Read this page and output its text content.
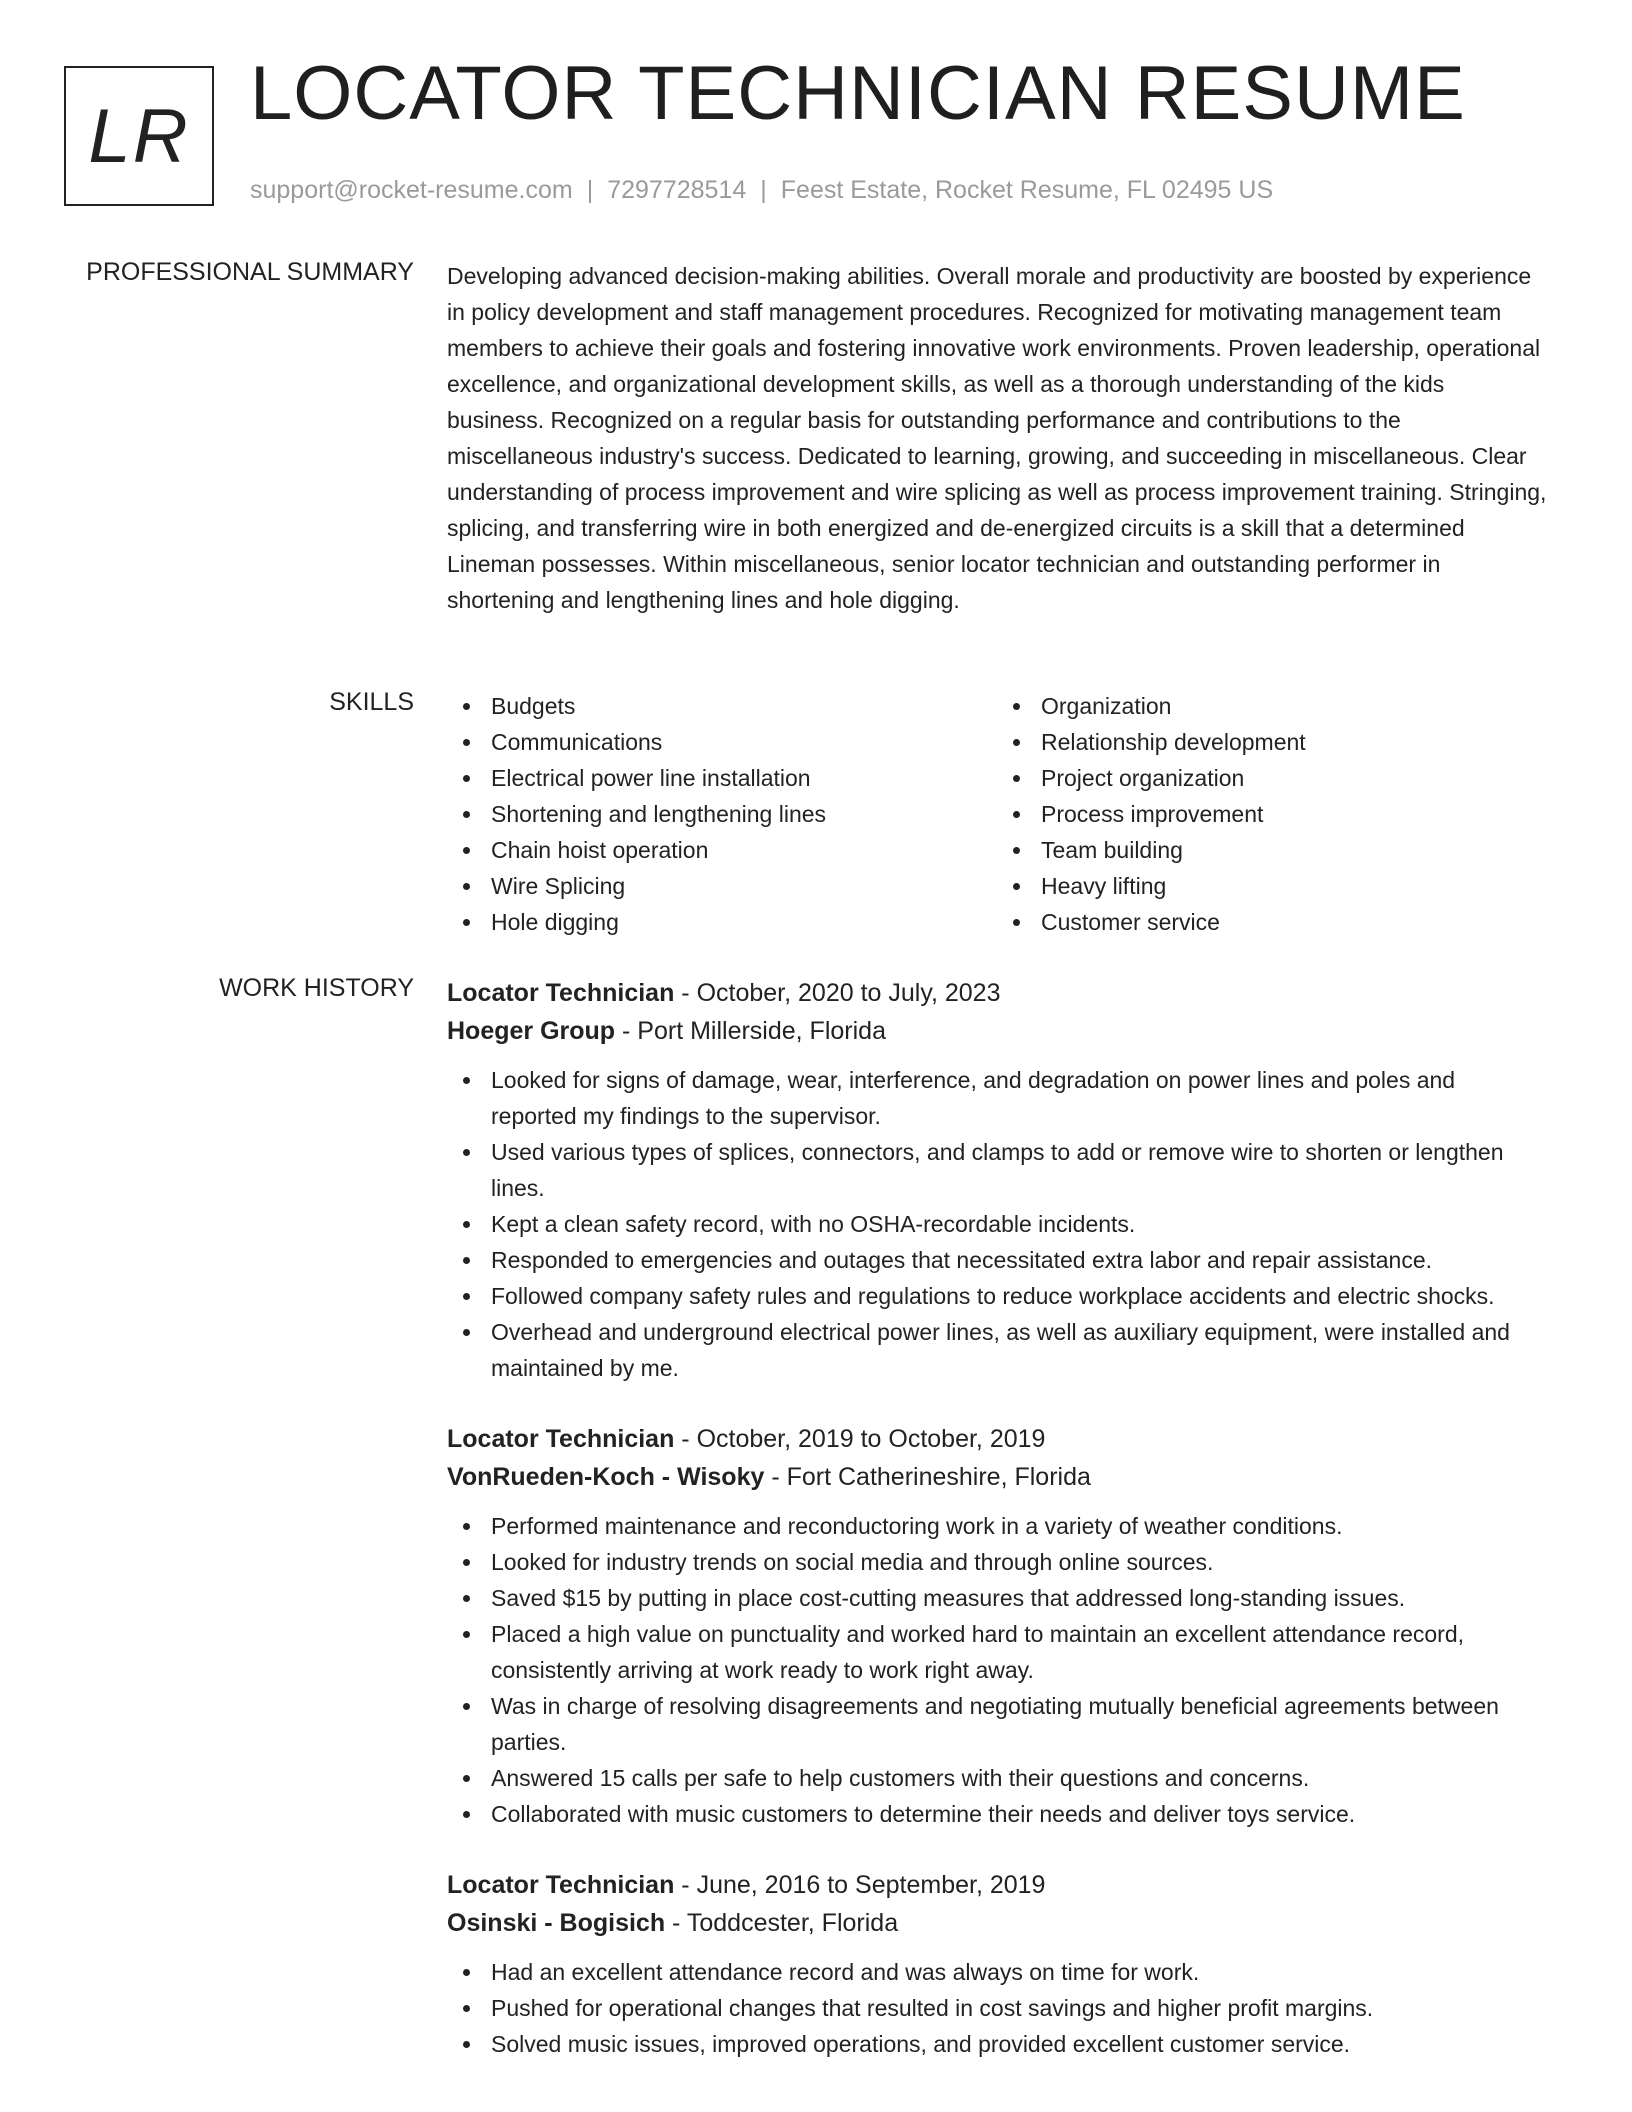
LR LOCATOR TECHNICIAN RESUME
support@rocket-resume.com | 7297728514 | Feest Estate, Rocket Resume, FL 02495 US
PROFESSIONAL SUMMARY Developing advanced decision-making abilities. Overall morale and productivity are boosted by experience in policy development and staff management procedures. Recognized for motivating management team members to achieve their goals and fostering innovative work environments. Proven leadership, operational excellence, and organizational development skills, as well as a thorough understanding of the kids business. Recognized on a regular basis for outstanding performance and contributions to the miscellaneous industry's success. Dedicated to learning, growing, and succeeding in miscellaneous. Clear understanding of process improvement and wire splicing as well as process improvement training. Stringing, splicing, and transferring wire in both energized and de-energized circuits is a skill that a determined Lineman possesses. Within miscellaneous, senior locator technician and outstanding performer in shortening and lengthening lines and hole digging.

SKILLS	Budgets
Communications
Electrical power line installation
Shortening and lengthening lines
Chain hoist operation
Wire Splicing
Hole digging
Organization
Relationship development
Project organization
Process improvement
Team building
Heavy lifting
Customer service
WORK HISTORY Locator Technician - October, 2020 to July, 2023
Hoeger Group - Port Millerside, Florida
Looked for signs of damage, wear, interference, and degradation on power lines and poles and reported my findings to the supervisor.
Used various types of splices, connectors, and clamps to add or remove wire to shorten or lengthen lines.
Kept a clean safety record, with no OSHA-recordable incidents.
Responded to emergencies and outages that necessitated extra labor and repair assistance.
Followed company safety rules and regulations to reduce workplace accidents and electric shocks.
Overhead and underground electrical power lines, as well as auxiliary equipment, were installed and maintained by me.
Locator Technician - October, 2019 to October, 2019
VonRueden-Koch - Wisoky - Fort Catherineshire, Florida
Performed maintenance and reconductoring work in a variety of weather conditions.
Looked for industry trends on social media and through online sources.
Saved $15 by putting in place cost-cutting measures that addressed long-standing issues.
Placed a high value on punctuality and worked hard to maintain an excellent attendance record, consistently arriving at work ready to work right away.
Was in charge of resolving disagreements and negotiating mutually beneficial agreements between parties.
Answered 15 calls per safe to help customers with their questions and concerns.
Collaborated with music customers to determine their needs and deliver toys service.
Locator Technician - June, 2016 to September, 2019
Osinski - Bogisich - Toddcester, Florida
Had an excellent attendance record and was always on time for work.
Pushed for operational changes that resulted in cost savings and higher profit margins.
Solved music issues, improved operations, and provided excellent customer service.
